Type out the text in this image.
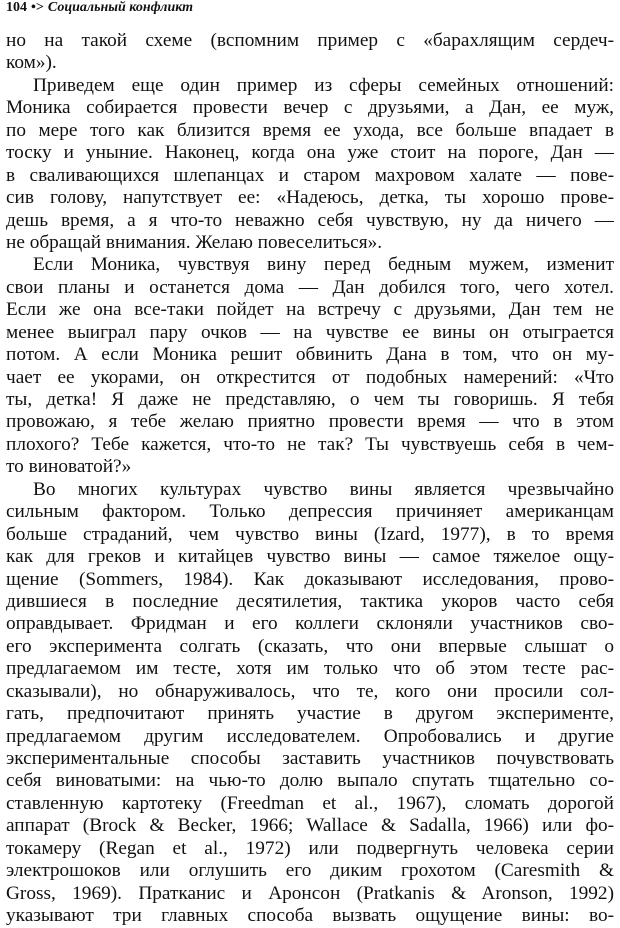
104 •> Социальный конфликт
но на такой схеме (вспомним пример с «барахлящим сердеч-
ком»).
Приведем еще один пример из сферы семейных отношений:
Моника собирается провести вечер с друзьями, а Дан, ее муж,
по мере того как близится время ее ухода, все больше впадает в
тоску и уныние. Наконец, когда она уже стоит на пороге, Дан —
в сваливающихся шлепанцах и старом махровом халате — пове-
сив голову, напутствует ее: «Надеюсь, детка, ты хорошо прове-
дешь время, а я что-то неважно себя чувствую, ну да ничего —
не обращай внимания. Желаю повеселиться».
Если Моника, чувствуя вину перед бедным мужем, изменит
свои планы и останется дома — Дан добился того, чего хотел.
Если же она все-таки пойдет на встречу с друзьями, Дан тем не
менее выиграл пару очков — на чувстве ее вины он отыграется
потом. А если Моника решит обвинить Дана в том, что он му-
чает ее укорами, он открестится от подобных намерений: «Что
ты, детка! Я даже не представляю, о чем ты говоришь. Я тебя
провожаю, я тебе желаю приятно провести время — что в этом
плохого? Тебе кажется, что-то не так? Ты чувствуешь себя в чем-
то виноватой?»
Во многих культурах чувство вины является чрезвычайно
сильным фактором. Только депрессия причиняет американцам
больше страданий, чем чувство вины (Izard, 1977), в то время
как для греков и китайцев чувство вины — самое тяжелое ощу-
щение (Sommers, 1984). Как доказывают исследования, прово-
дившиеся в последние десятилетия, тактика укоров часто себя
оправдывает. Фридман и его коллеги склоняли участников сво-
его эксперимента солгать (сказать, что они впервые слышат о
предлагаемом им тесте, хотя им только что об этом тесте рас-
сказывали), но обнаруживалось, что те, кого они просили сол-
гать, предпочитают принять участие в другом эксперименте,
предлагаемом другим исследователем. Опробовались и другие
экспериментальные способы заставить участников почувствовать
себя виноватыми: на чью-то долю выпало спутать тщательно со-
ставленную картотеку (Freedman et al., 1967), сломать дорогой
аппарат (Brock & Becker, 1966; Wallace & Sadalla, 1966) или фо-
токамеру (Regan et al., 1972) или подвергнуть человека серии
электрошоков или оглушить его диким грохотом (Caresmith &
Gross, 1969). Пратканис и Аронсон (Pratkanis & Aronson, 1992)
указывают три главных способа вызвать ощущение вины: во-
